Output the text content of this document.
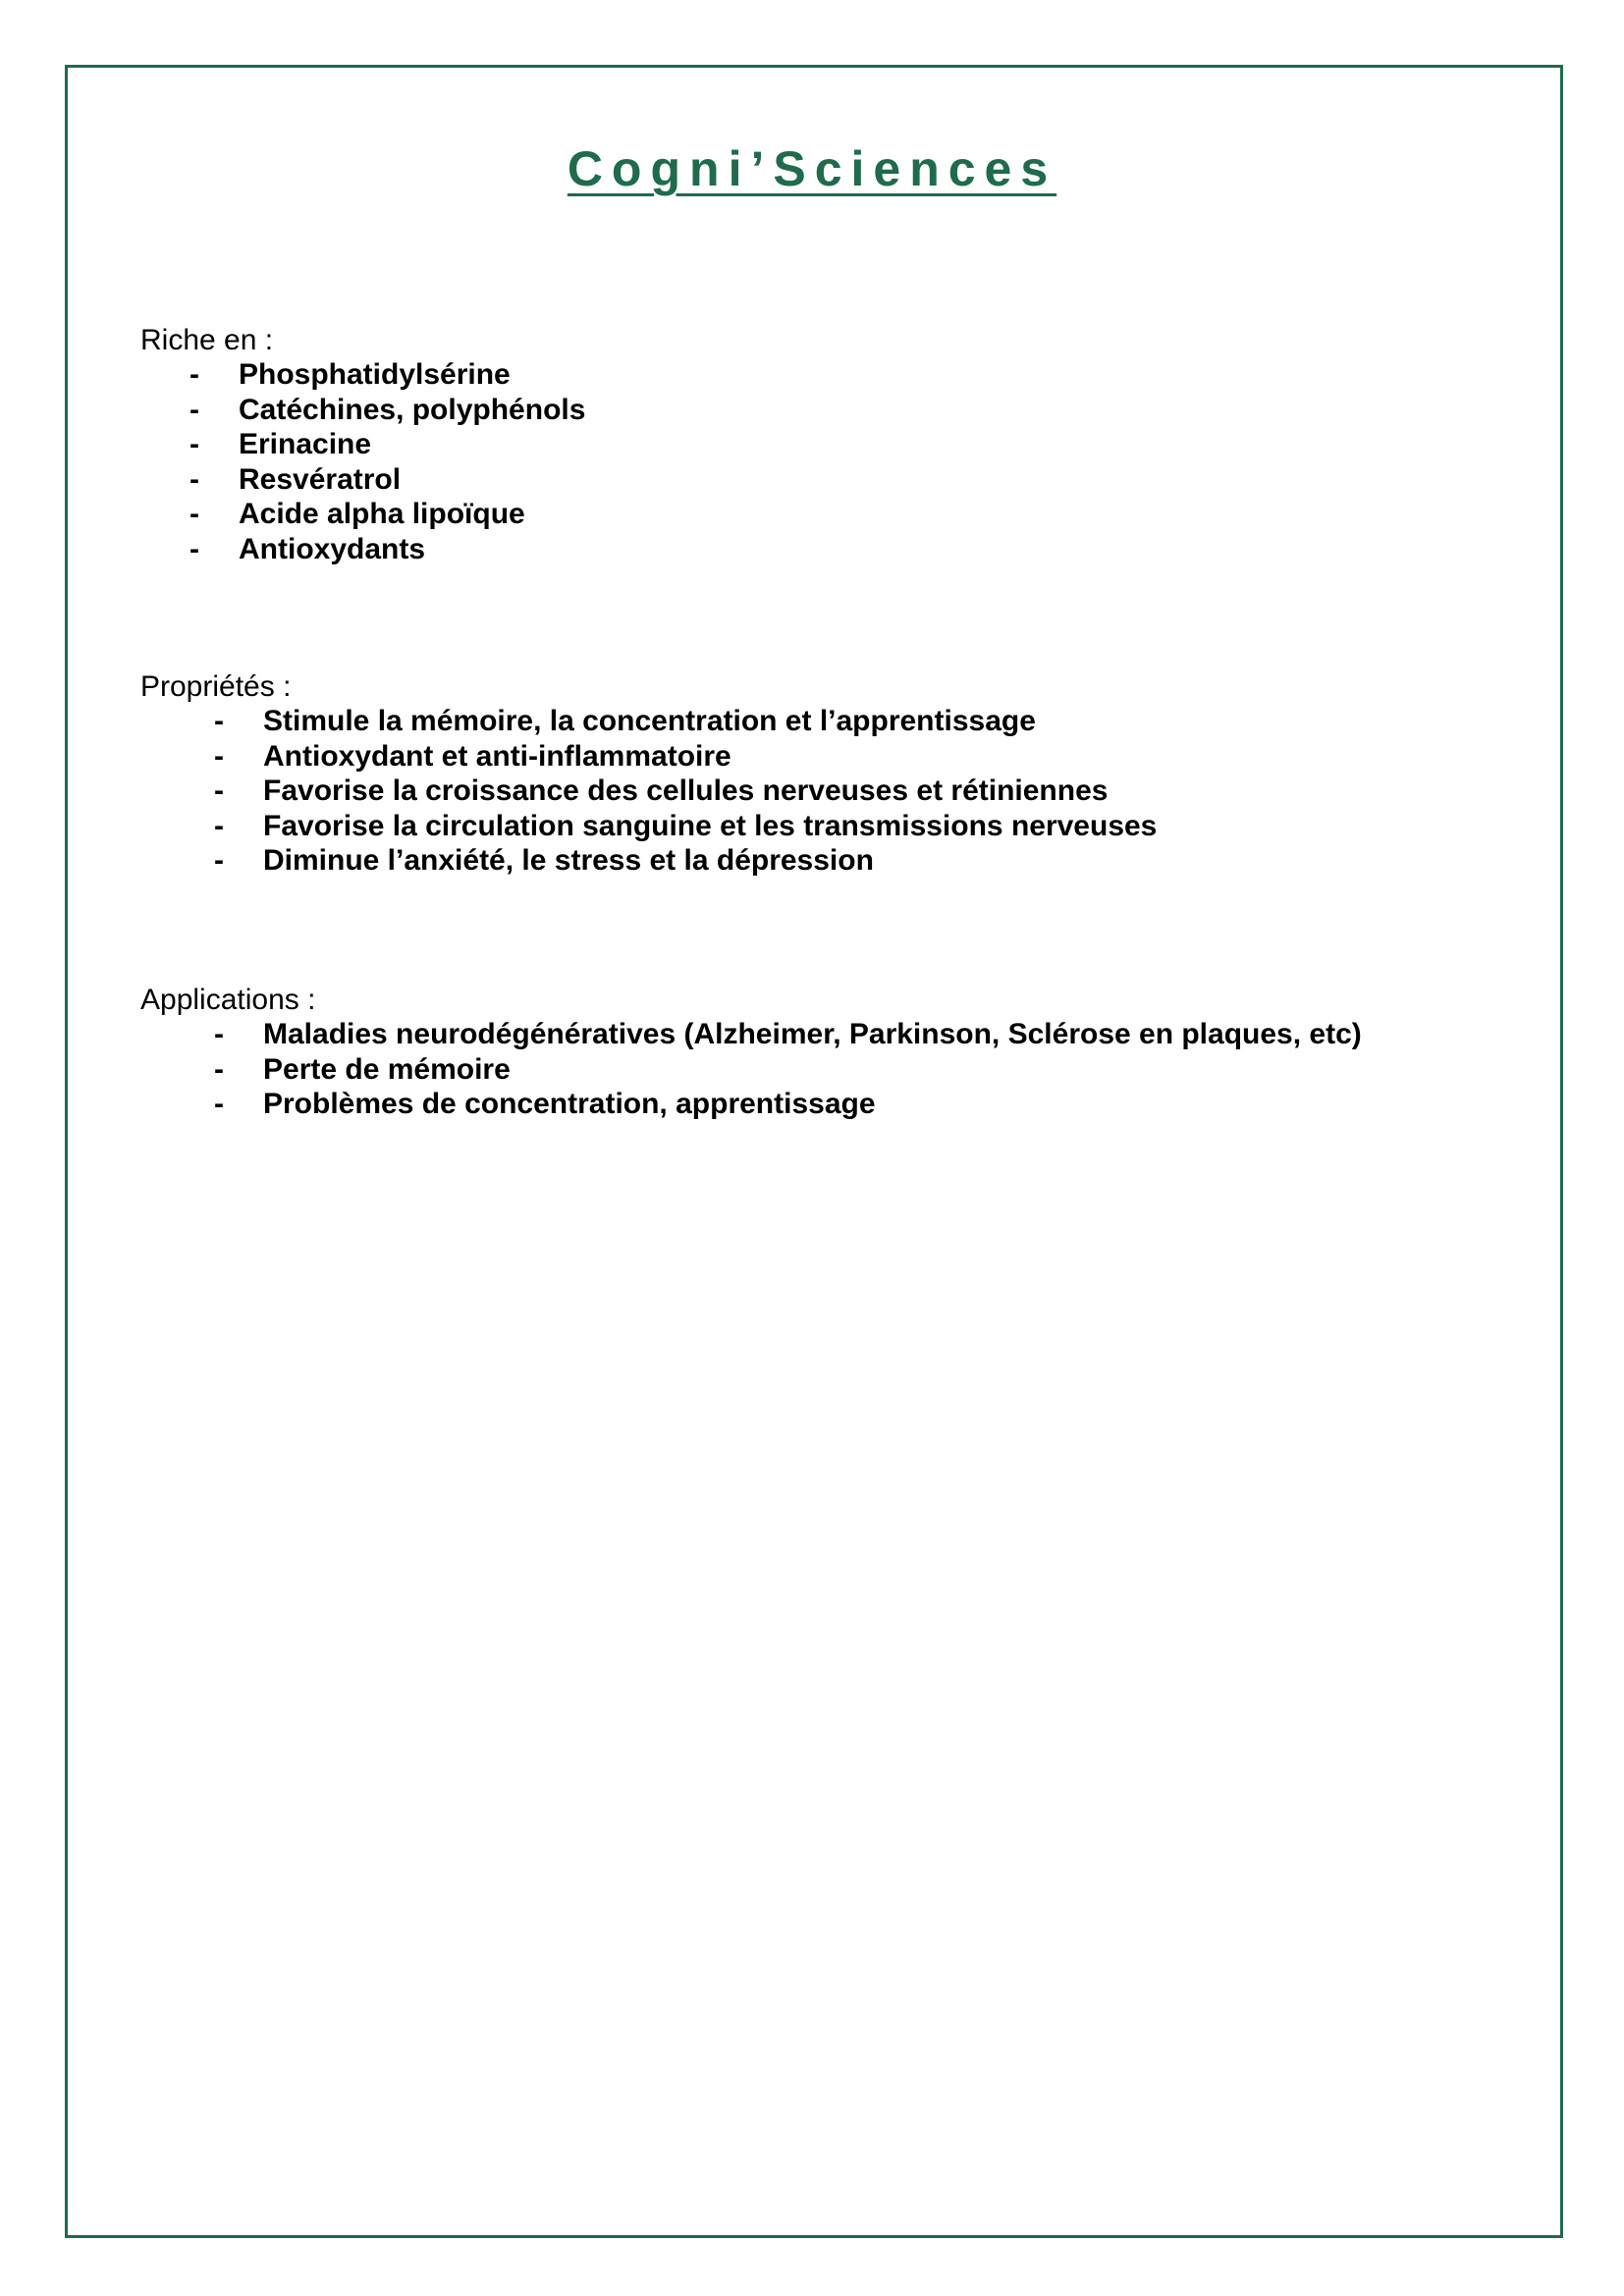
Cogni’Sciences
Riche en :
- Phosphatidylsérine
- Catéchines, polyphénols
- Erinacine
- Resvératrol
- Acide alpha lipoïque
- Antioxydants
Propriétés :
- Stimule la mémoire, la concentration et l’apprentissage
- Antioxydant et anti-inflammatoire
- Favorise la croissance des cellules nerveuses et rétiniennes
- Favorise la circulation sanguine et les transmissions nerveuses
- Diminue l’anxiété, le stress et la dépression
Applications :
- Maladies neurodégénératives (Alzheimer, Parkinson, Sclérose en plaques, etc)
- Perte de mémoire
- Problèmes de concentration, apprentissage
